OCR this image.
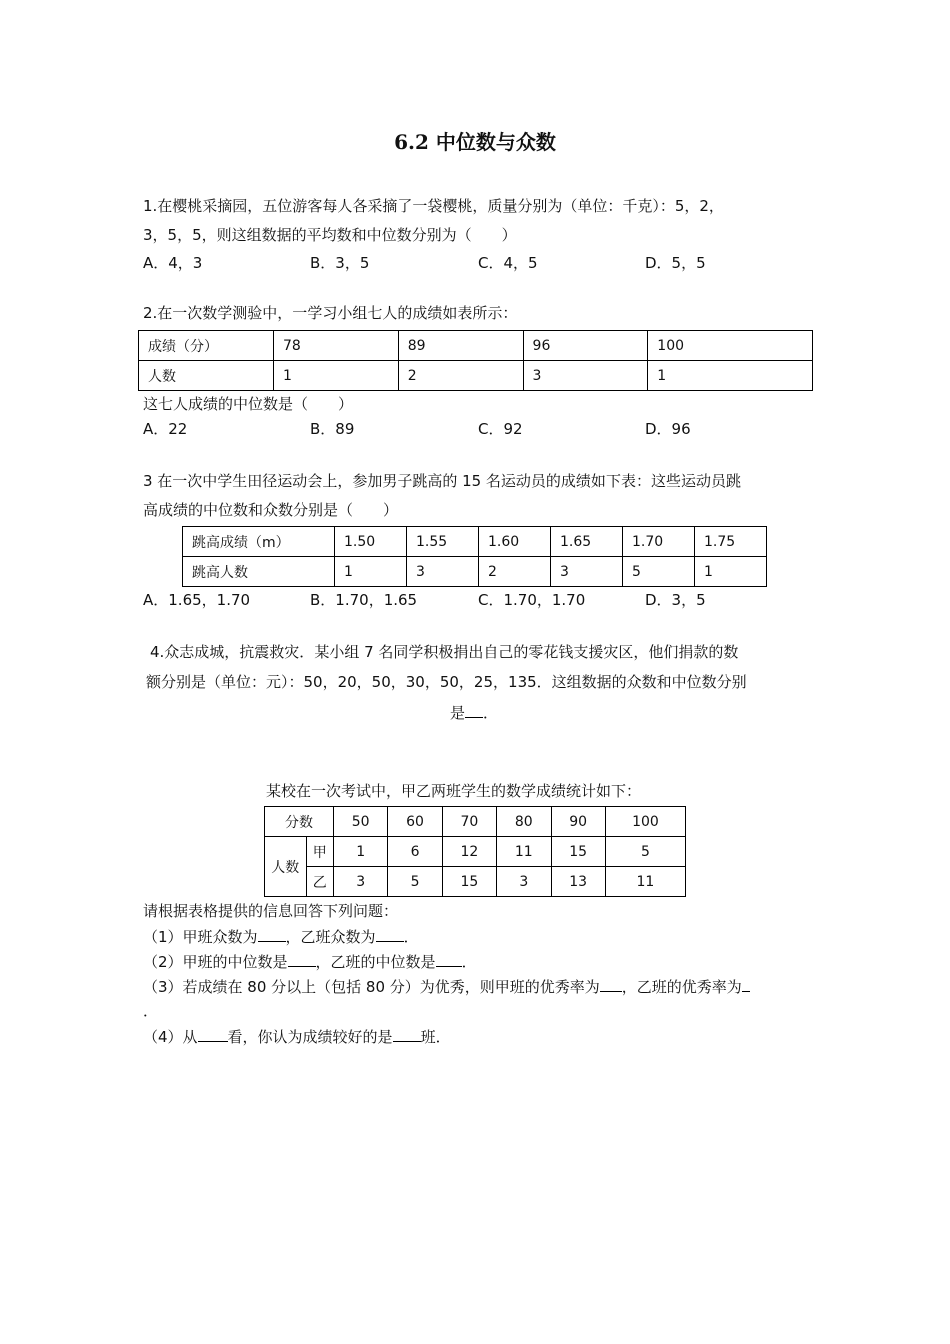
6.2 中位数与众数
1.在樱桃采摘园，五位游客每人各采摘了一袋樱桃，质量分别为（单位：千克）：5，2，
3，5，5，则这组数据的平均数和中位数分别为（　　）
A．4，3	B．3，5	C．4，5	D．5，5
2.在一次数学测验中，一学习小组七人的成绩如表所示：
成绩（分）	78	89	96	100
人数	1	2	3	1
这七人成绩的中位数是（　　）
A．22	B．89	C．92	D．96
3 在一次中学生田径运动会上，参加男子跳高的 15 名运动员的成绩如下表：这些运动员跳
高成绩的中位数和众数分别是（　　）
跳高成绩（m）	1.50	1.55	1.60	1.65	1.70	1.75
跳高人数	1	3	2	3	5	1
A．1.65，1.70	B．1.70，1.65	C．1.70，1.70	D．3，5
4.众志成城，抗震救灾．某小组 7 名同学积极捐出自己的零花钱支援灾区，他们捐款的数
额分别是（单位：元）：50，20，50，30，50，25，135．这组数据的众数和中位数分别
是 ．
某校在一次考试中，甲乙两班学生的数学成绩统计如下：
分数		50	60	70	80	90	100
人数	甲	1	6	12	11	15	5
	乙	3	5	15	3	13	11
请根据表格提供的信息回答下列问题：
（1）甲班众数为 ，乙班众数为 ．
（2）甲班的中位数是 ，乙班的中位数是 ．
（3）若成绩在 80 分以上（包括 80 分）为优秀，则甲班的优秀率为 ，乙班的优秀率为
．
（4）从 看，你认为成绩较好的是 班．
